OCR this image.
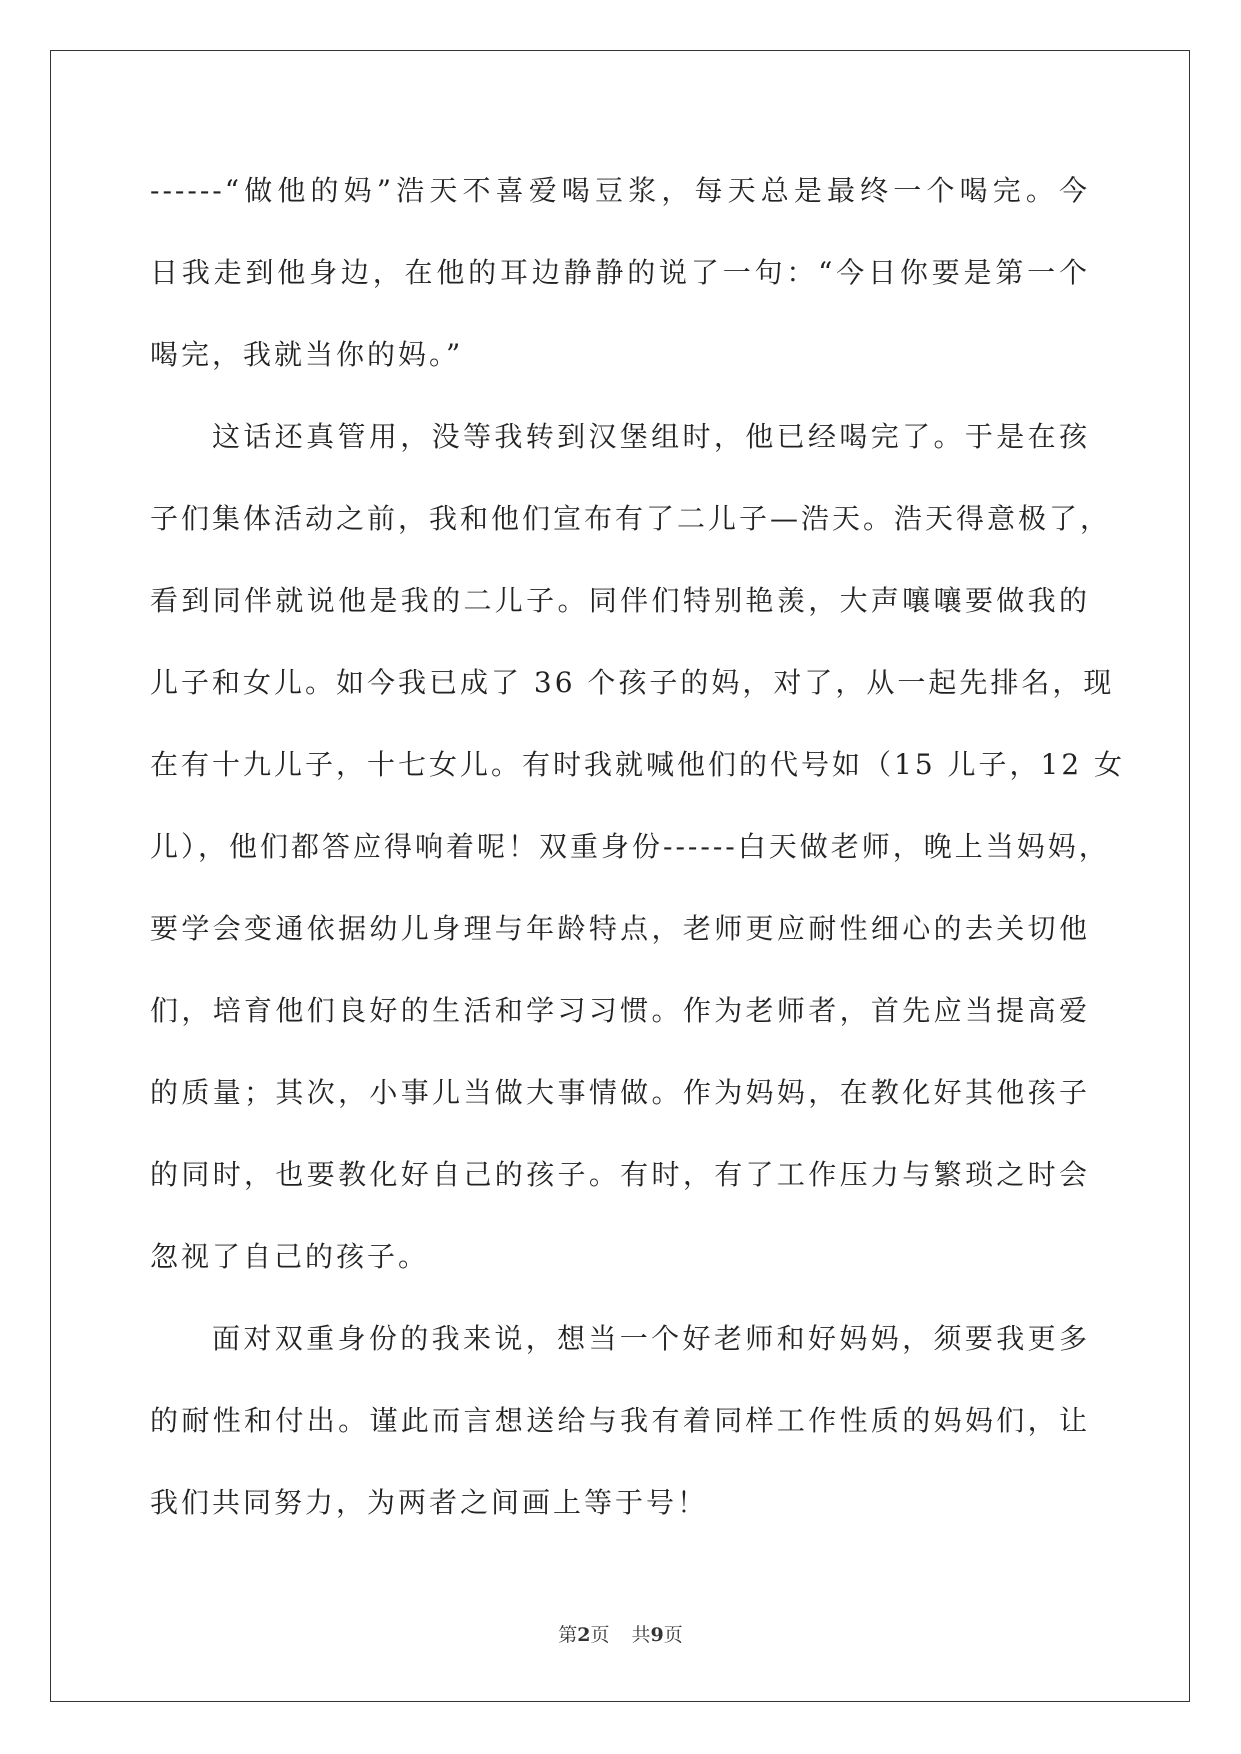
------“做他的妈”浩天不喜爱喝豆浆，每天总是最终一个喝完。今
日我走到他身边，在他的耳边静静的说了一句：“今日你要是第一个
喝完，我就当你的妈。”
这话还真管用，没等我转到汉堡组时，他已经喝完了。于是在孩
子们集体活动之前，我和他们宣布有了二儿子—浩天。浩天得意极了，
看到同伴就说他是我的二儿子。同伴们特别艳羡，大声嚷嚷要做我的
儿子和女儿。如今我已成了 36 个孩子的妈，对了，从一起先排名，现
在有十九儿子，十七女儿。有时我就喊他们的代号如（15 儿子，12 女
儿），他们都答应得响着呢！双重身份------白天做老师，晚上当妈妈，
要学会变通依据幼儿身理与年龄特点，老师更应耐性细心的去关切他
们，培育他们良好的生活和学习习惯。作为老师者，首先应当提高爱
的质量；其次，小事儿当做大事情做。作为妈妈，在教化好其他孩子
的同时，也要教化好自己的孩子。有时，有了工作压力与繁琐之时会
忽视了自己的孩子。
面对双重身份的我来说，想当一个好老师和好妈妈，须要我更多
的耐性和付出。谨此而言想送给与我有着同样工作性质的妈妈们，让
我们共同努力，为两者之间画上等于号！
第2页 共9页
